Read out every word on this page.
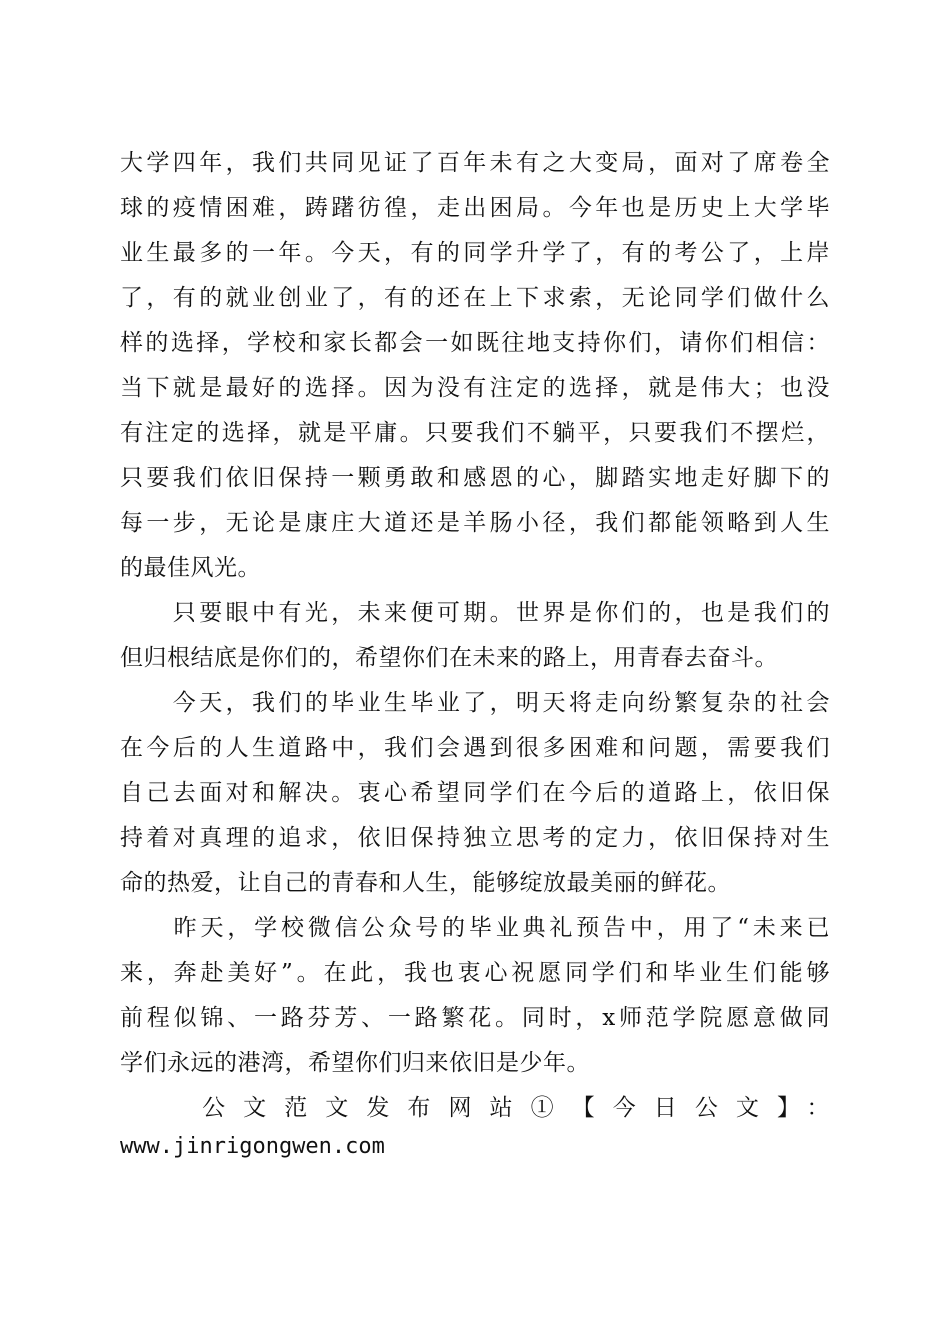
大学四年，我们共同见证了百年未有之大变局，面对了席卷全
球的疫情困难，踌躇彷徨，走出困局。今年也是历史上大学毕
业生最多的一年。今天，有的同学升学了，有的考公了，上岸
了，有的就业创业了，有的还在上下求索，无论同学们做什么
样的选择，学校和家长都会一如既往地支持你们，请你们相信：
当下就是最好的选择。因为没有注定的选择，就是伟大；也没
有注定的选择，就是平庸。只要我们不躺平，只要我们不摆烂，
只要我们依旧保持一颗勇敢和感恩的心，脚踏实地走好脚下的
每一步，无论是康庄大道还是羊肠小径，我们都能领略到人生
的最佳风光。
　　只要眼中有光，未来便可期。世界是你们的，也是我们的
但归根结底是你们的，希望你们在未来的路上，用青春去奋斗。
　　今天，我们的毕业生毕业了，明天将走向纷繁复杂的社会
在今后的人生道路中，我们会遇到很多困难和问题，需要我们
自己去面对和解决。衷心希望同学们在今后的道路上，依旧保
持着对真理的追求，依旧保持独立思考的定力，依旧保持对生
命的热爱，让自己的青春和人生，能够绽放最美丽的鲜花。
　　昨天，学校微信公众号的毕业典礼预告中，用了“未来已
来，奔赴美好”。在此，我也衷心祝愿同学们和毕业生们能够
前程似锦、一路芬芳、一路繁花。同时，x师范学院愿意做同
学们永远的港湾，希望你们归来依旧是少年。
　　公文范文发布网站①【今日公文】：
www.jinrigongwen.com
